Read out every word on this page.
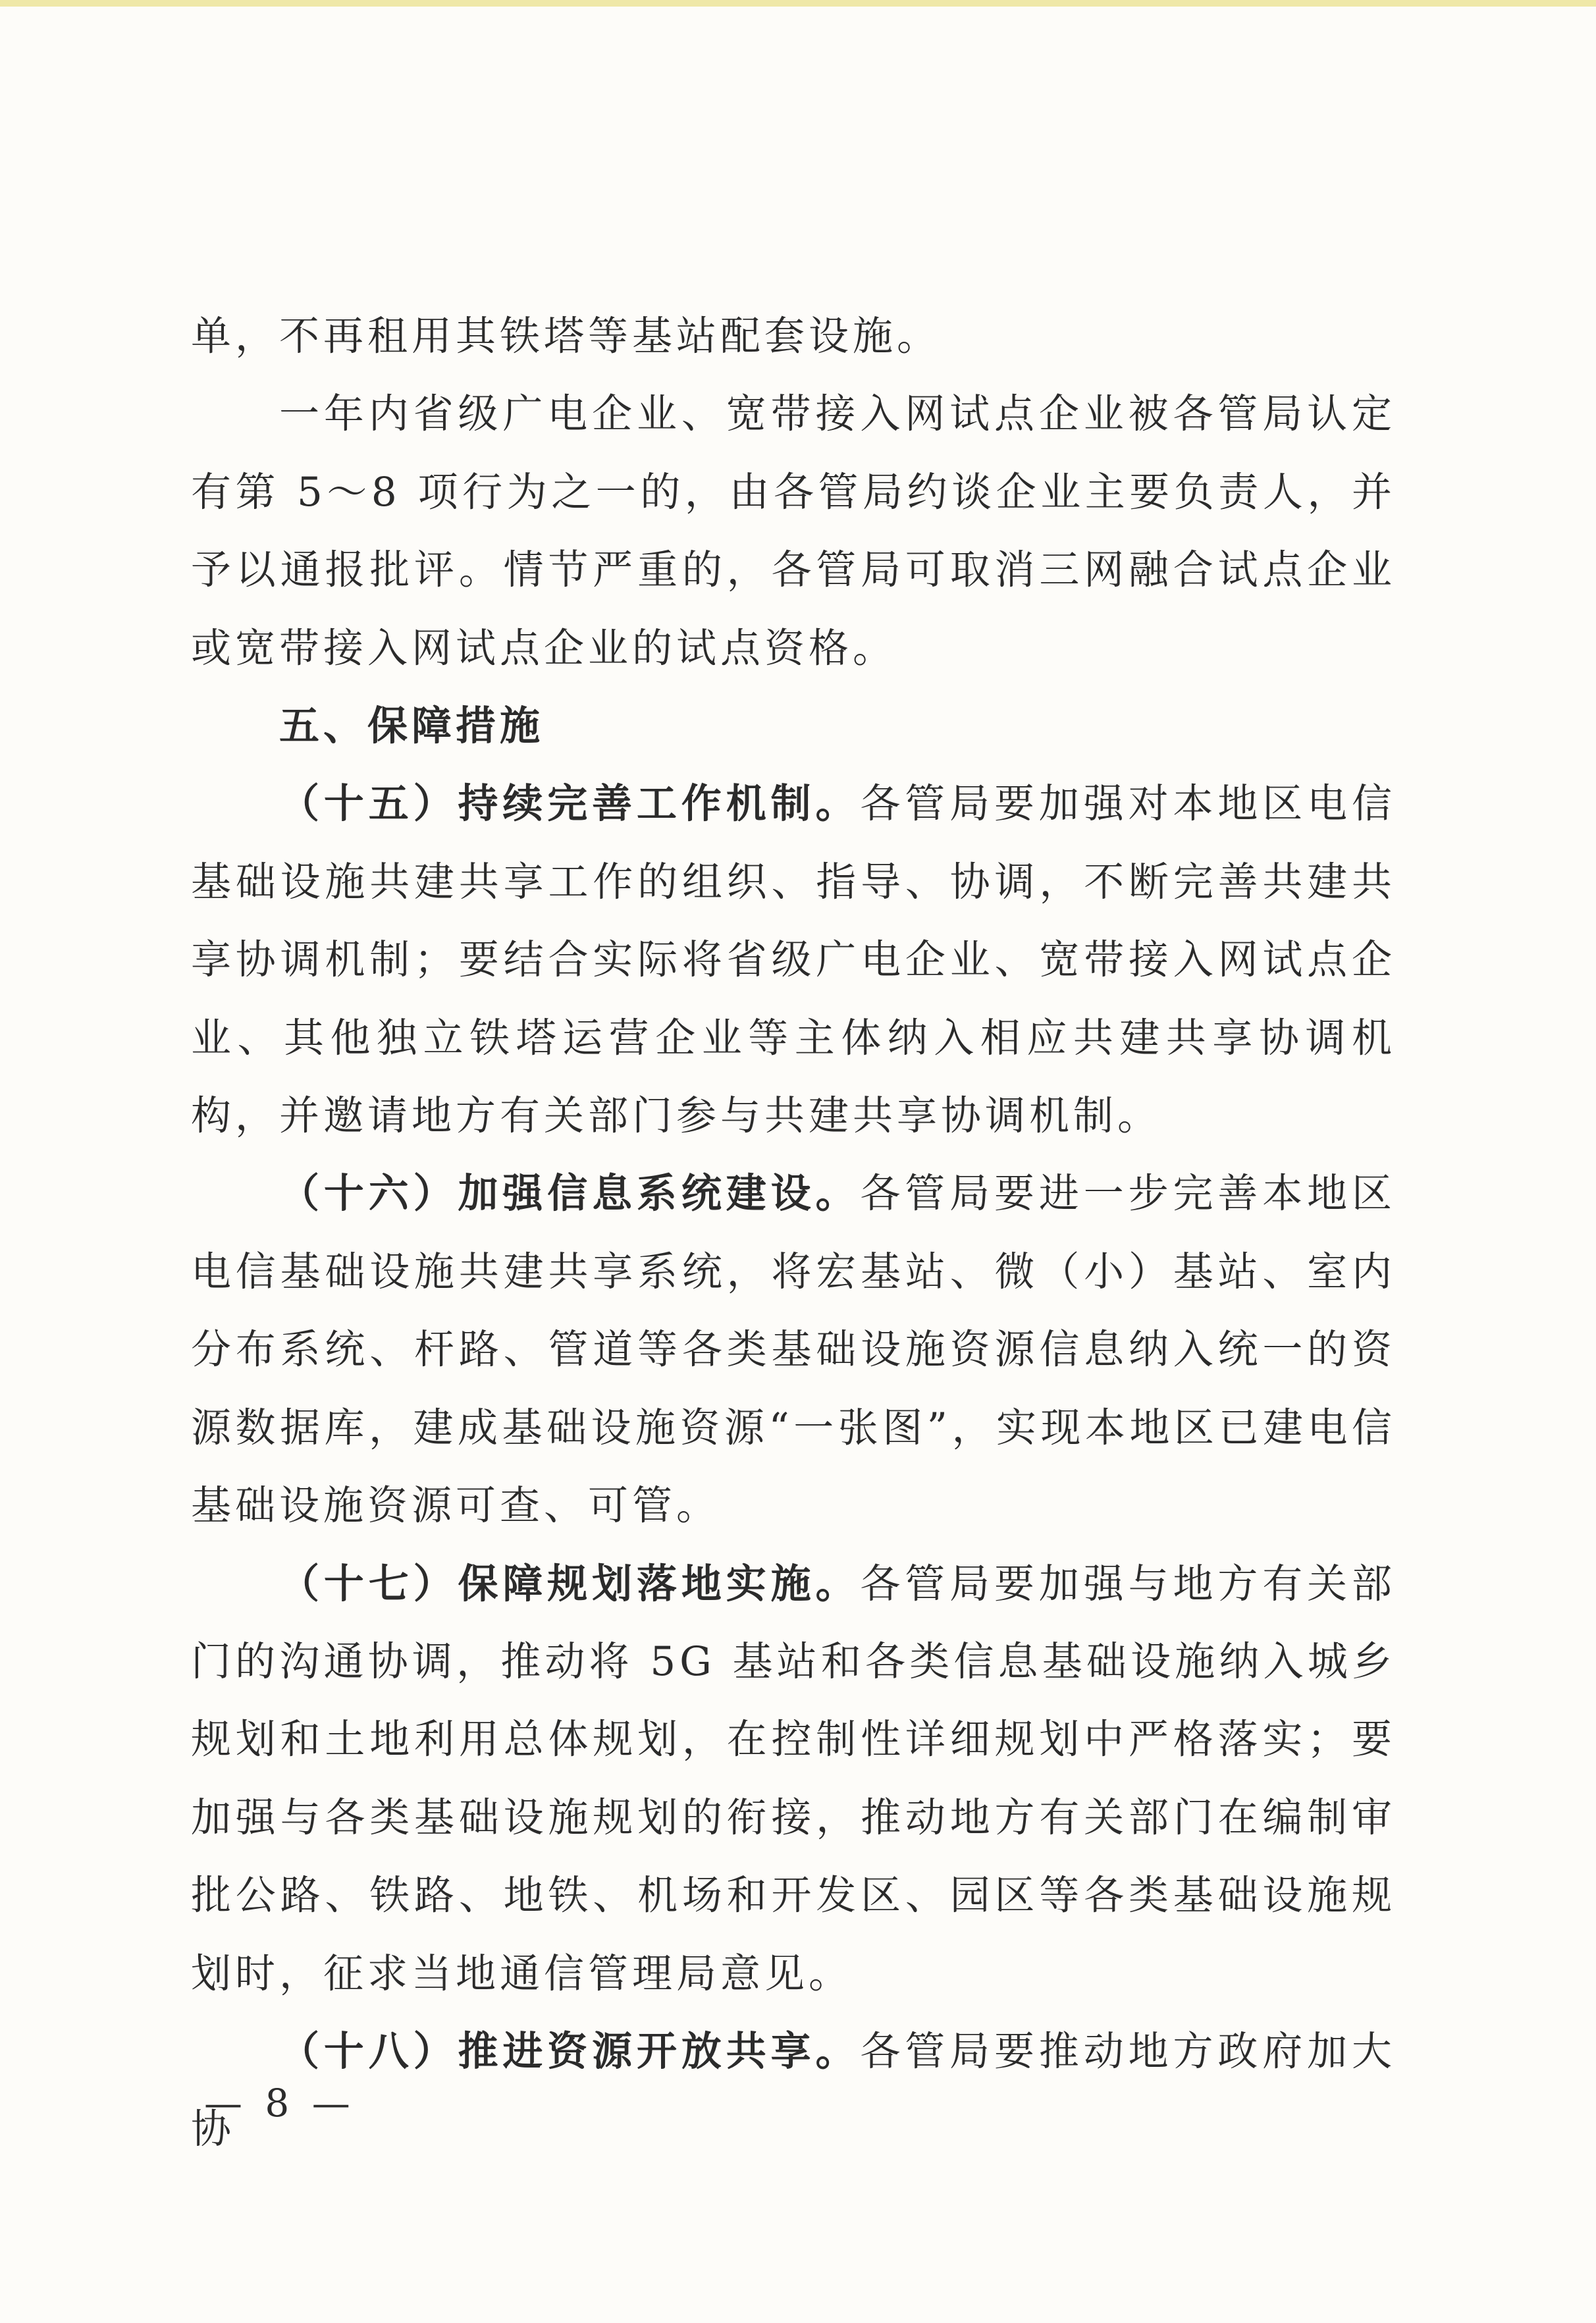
单，不再租用其铁塔等基站配套设施。

一年内省级广电企业、宽带接入网试点企业被各管局认定有第 5～8 项行为之一的，由各管局约谈企业主要负责人，并予以通报批评。情节严重的，各管局可取消三网融合试点企业或宽带接入网试点企业的试点资格。

五、保障措施

（十五）持续完善工作机制。各管局要加强对本地区电信基础设施共建共享工作的组织、指导、协调，不断完善共建共享协调机制；要结合实际将省级广电企业、宽带接入网试点企业、其他独立铁塔运营企业等主体纳入相应共建共享协调机构，并邀请地方有关部门参与共建共享协调机制。

（十六）加强信息系统建设。各管局要进一步完善本地区电信基础设施共建共享系统，将宏基站、微（小）基站、室内分布系统、杆路、管道等各类基础设施资源信息纳入统一的资源数据库，建成基础设施资源“一张图”，实现本地区已建电信基础设施资源可查、可管。

（十七）保障规划落地实施。各管局要加强与地方有关部门的沟通协调，推动将 5G 基站和各类信息基础设施纳入城乡规划和土地利用总体规划，在控制性详细规划中严格落实；要加强与各类基础设施规划的衔接，推动地方有关部门在编制审批公路、铁路、地铁、机场和开发区、园区等各类基础设施规划时，征求当地通信管理局意见。

（十八）推进资源开放共享。各管局要推动地方政府加大协

— 8 —
